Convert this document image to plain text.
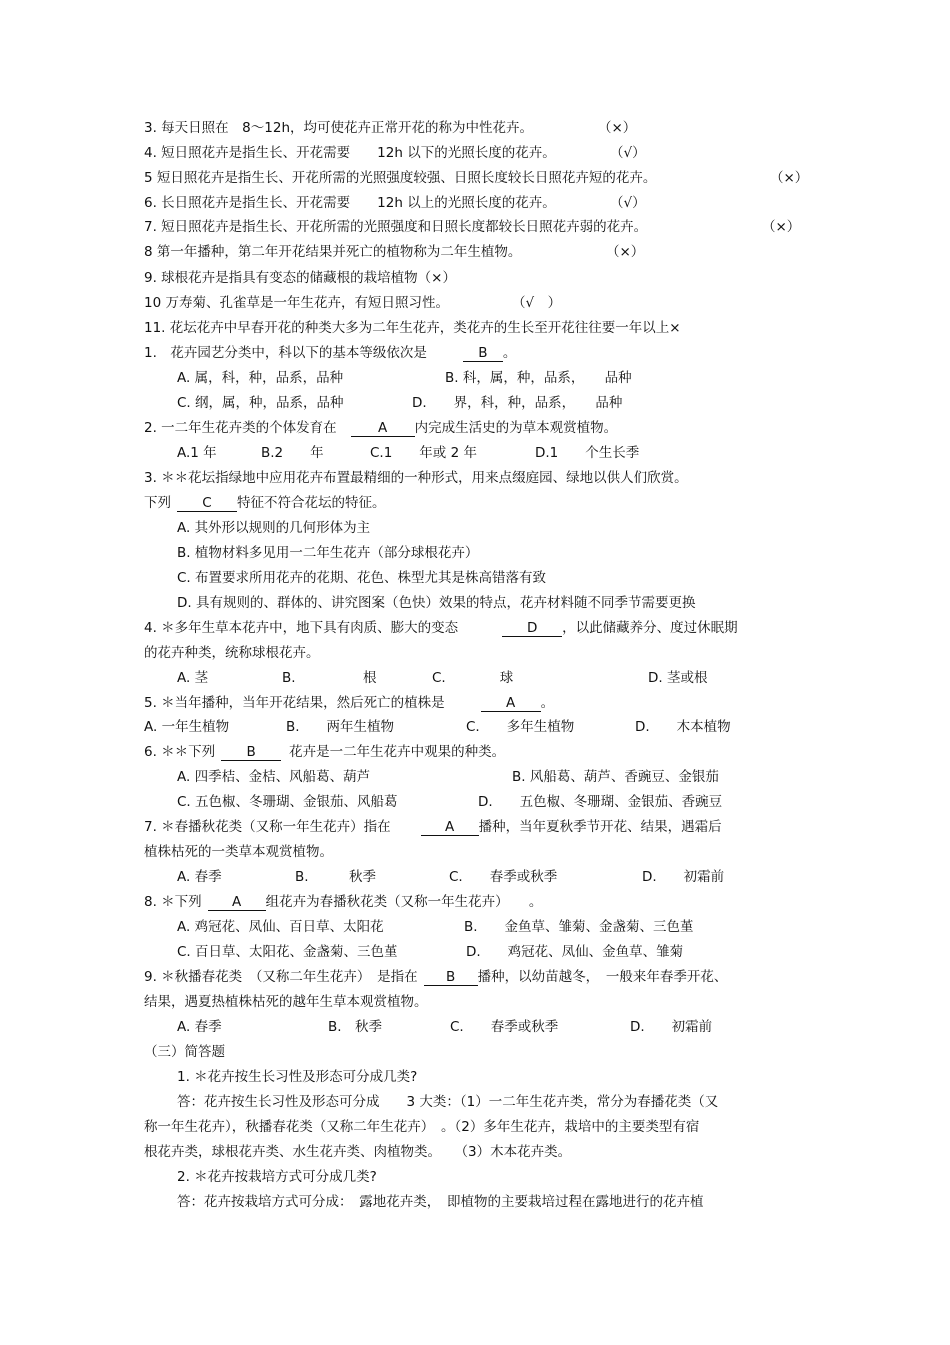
3. 每天日照在　8～12h，均可使花卉正常开花的称为中性花卉。	（×）
4. 短日照花卉是指生长、开花需要　　12h 以下的光照长度的花卉。	（√）
5 短日照花卉是指生长、开花所需的光照强度较强、日照长度较长日照花卉短的花卉。	（×）
6. 长日照花卉是指生长、开花需要　　12h 以上的光照长度的花卉。	（√）
7. 短日照花卉是指生长、开花所需的光照强度和日照长度都较长日照花卉弱的花卉。	（×）
8 第一年播种，第二年开花结果并死亡的植物称为二年生植物。	（×）
9. 球根花卉是指具有变态的储藏根的栽培植物（×）
10 万寿菊、孔雀草是一年生花卉，有短日照习性。	（√　）
11. 花坛花卉中早春开花的种类大多为二年生花卉，类花卉的生长至开花往往要一年以上×
1.　花卉园艺分类中，科以下的基本等级依次是	B 。
A. 属，科，种，品系，品种	B. 科，属，种，品系，　　品种
C. 纲，属，种，品系，品种	D.　　界，科，种，品系，　　品种
2. 一二年生花卉类的个体发育在	A 内完成生活史的为草本观赏植物。
A.1 年	B.2　　年	C.1　　年或 2 年	D.1　　个生长季
3. ＊＊花坛指绿地中应用花卉布置最精细的一种形式，用来点缀庭园、绿地以供人们欣赏。
下列 C 特征不符合花坛的特征。
A. 其外形以规则的几何形体为主
B. 植物材料多见用一二年生花卉（部分球根花卉）
C. 布置要求所用花卉的花期、花色、株型尤其是株高错落有致
D. 具有规则的、群体的、讲究图案（色快）效果的特点，花卉材料随不同季节需要更换
4. ＊多年生草本花卉中，地下具有肉质、膨大的变态	D ，以此储藏养分、度过休眠期
的花卉种类，统称球根花卉。
A. 茎	B.　　　　　根	C.　　　　球	D. 茎或根
5. ＊当年播种，当年开花结果，然后死亡的植株是	A 。
A. 一年生植物	B.　　两年生植物	C.　　多年生植物	D.　　木本植物
6. ＊＊下列 B 花卉是一二年生花卉中观果的种类。
A. 四季桔、金桔、风船葛、葫芦	B. 风船葛、葫芦、香豌豆、金银茄
C. 五色椒、冬珊瑚、金银茄、风船葛	D.　　五色椒、冬珊瑚、金银茄、香豌豆
7. ＊春播秋花类（又称一年生花卉）指在	A 播种，当年夏秋季节开花、结果，遇霜后
植株枯死的一类草本观赏植物。
A. 春季	B.　　　秋季	C.　　春季或秋季	D.　　初霜前
8. ＊下列 A 组花卉为春播秋花类（又称一年生花卉）　　。
A. 鸡冠花、凤仙、百日草、太阳花	B.　　金鱼草、雏菊、金盏菊、三色堇
C. 百日草、太阳花、金盏菊、三色堇	D.　　鸡冠花、凤仙、金鱼草、雏菊
9. ＊秋播春花类　（又称二年生花卉）　是指在 B 播种，以幼苗越冬，　一般来年春季开花、
结果，遇夏热植株枯死的越年生草本观赏植物。
A. 春季	B.　秋季	C.　　春季或秋季	D.　　初霜前
（三）简答题
1. ＊花卉按生长习性及形态可分成几类?
答：花卉按生长习性及形态可分成　　3 大类：（1）一二年生花卉类，常分为春播花类（又
称一年生花卉），秋播春花类（又称二年生花卉）　。（2）多年生花卉，栽培中的主要类型有宿
根花卉类，球根花卉类、水生花卉类、肉植物类。　　（3）木本花卉类。
2. ＊花卉按栽培方式可分成几类?
答：花卉按栽培方式可分成：　露地花卉类，　即植物的主要栽培过程在露地进行的花卉植
